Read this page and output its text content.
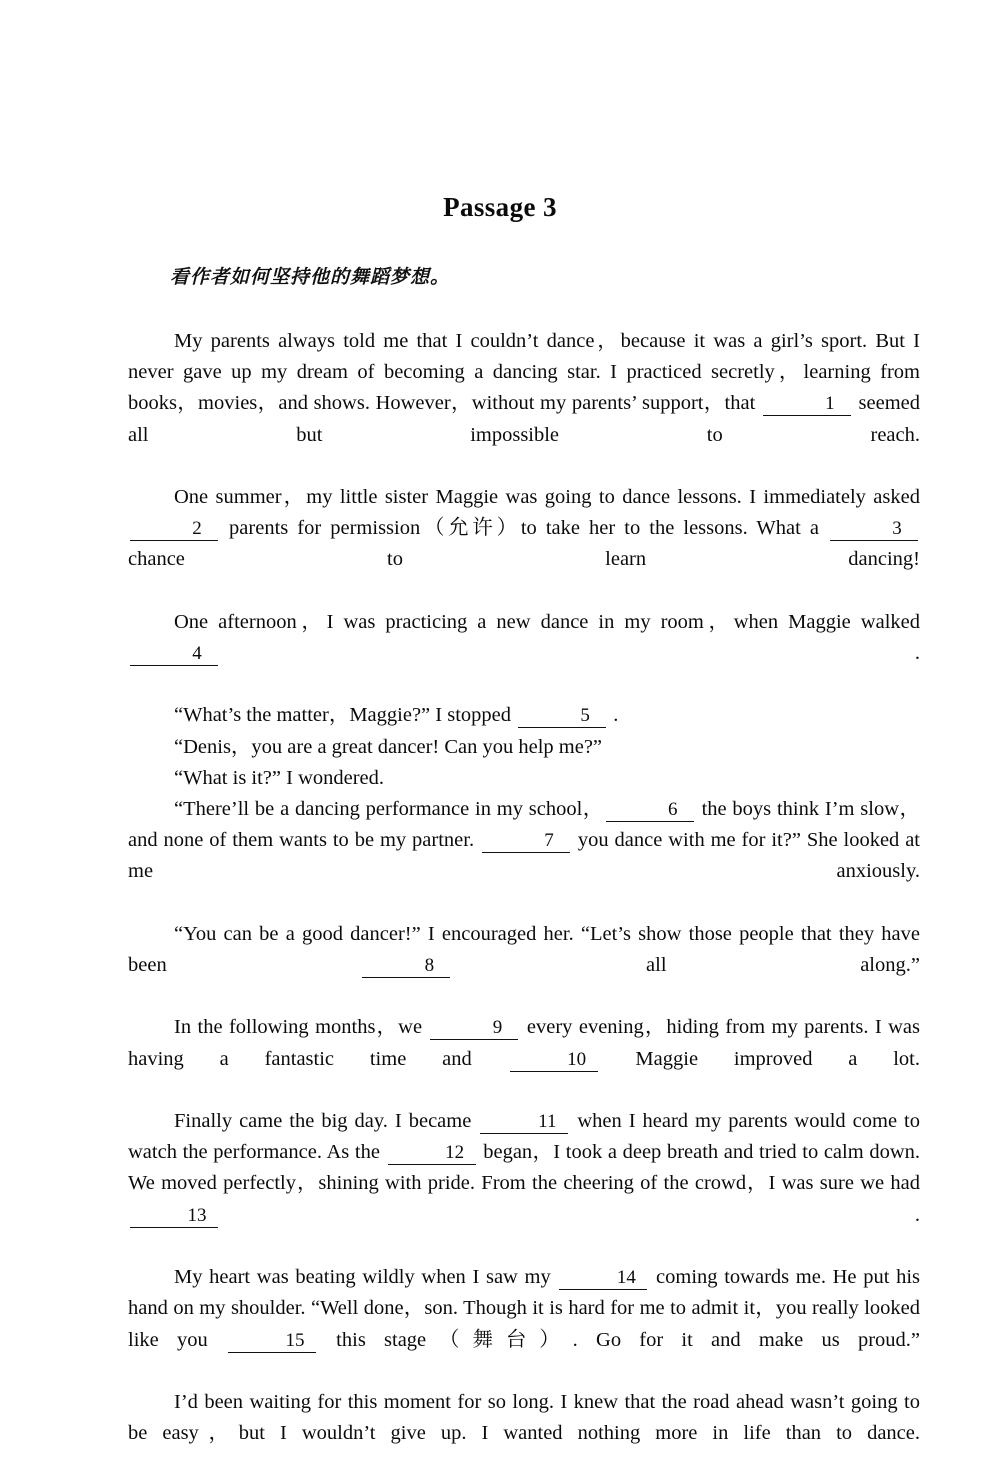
Passage 3
看作者如何坚持他的舞蹈梦想。

My parents always told me that I couldn’t dance，because it was a girl’s sport. But I never gave up my dream of becoming a dancing star. I practiced secretly，learning from books，movies，and shows. However，without my parents’ support，that	1 seemed all but impossible to reach.

One summer，my little sister Maggie was going to dance lessons. I immediately asked 2 parents for permission（允许）to take her to the lessons. What a	3 chance to learn dancing!

One afternoon，I was practicing a new dance in my room，when Maggie walked 4 .

“What’s the matter，Maggie?” I stopped	5 .

“Denis，you are a great dancer! Can you help me?”

“What is it?” I wondered.

“There’ll be a dancing performance in my school，	6 the boys think I’m slow，and none of them wants to be my partner.	7 you dance with me for it?” She looked at me anxiously.

“You can be a good dancer!” I encouraged her. “Let’s show those people that they have been	8 all along.”

In the following months，we	9 every evening，hiding from my parents. I was having a fantastic time and	10 Maggie improved a lot.

Finally came the big day. I became	11 when I heard my parents would come to watch the performance. As the	12 began，I took a deep breath and tried to calm down. We moved perfectly，shining with pride. From the cheering of the crowd，I was sure we had 13 .

My heart was beating wildly when I saw my	14 coming towards me. He put his hand on my shoulder. “Well done，son. Though it is hard for me to admit it，you really looked like you	15 this stage（舞台）. Go for it and make us proud.”

I’d been waiting for this moment for so long. I knew that the road ahead wasn’t going to be easy，but I wouldn’t give up. I wanted nothing more in life than to dance.
